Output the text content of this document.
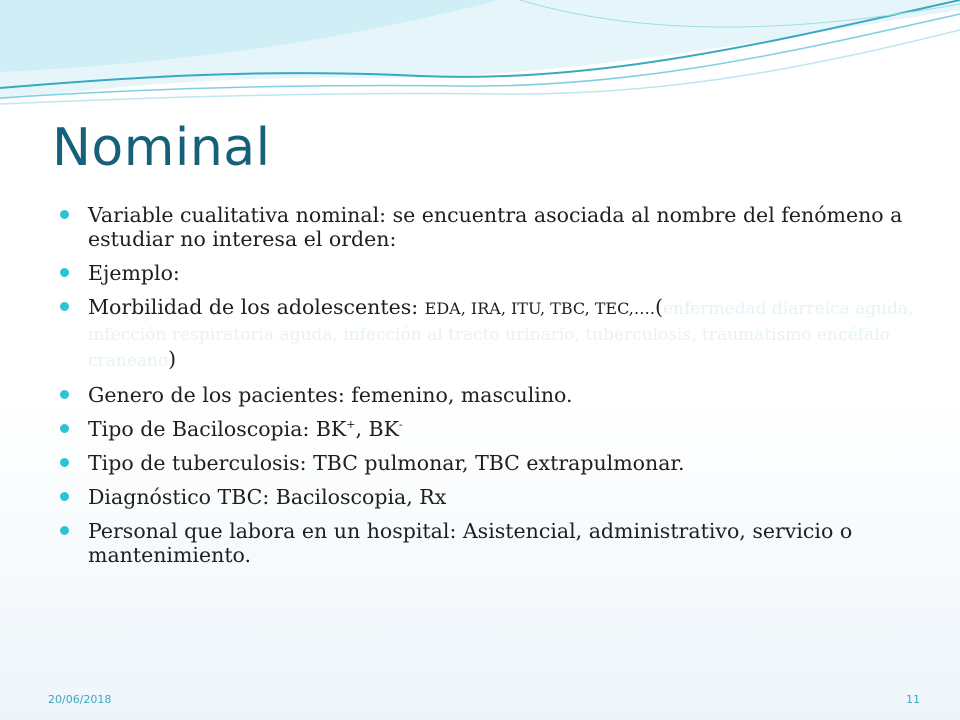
Nominal
Variable cualitativa nominal: se encuentra asociada al nombre del fenómeno a estudiar no interesa el orden:
Ejemplo:
Morbilidad de los adolescentes: EDA, IRA, ITU, TBC, TEC,….(enfermedad diarreica aguda, infección respiratoria aguda, infección al tracto urinario, tuberculosis, traumatismo encéfalo craneano)
Genero de los pacientes: femenino, masculino.
Tipo de Baciloscopia: BK+, BK-
Tipo de tuberculosis: TBC pulmonar, TBC extrapulmonar.
Diagnóstico TBC: Baciloscopia, Rx
Personal que labora en un hospital: Asistencial, administrativo, servicio o mantenimiento.
20/06/2018	11
